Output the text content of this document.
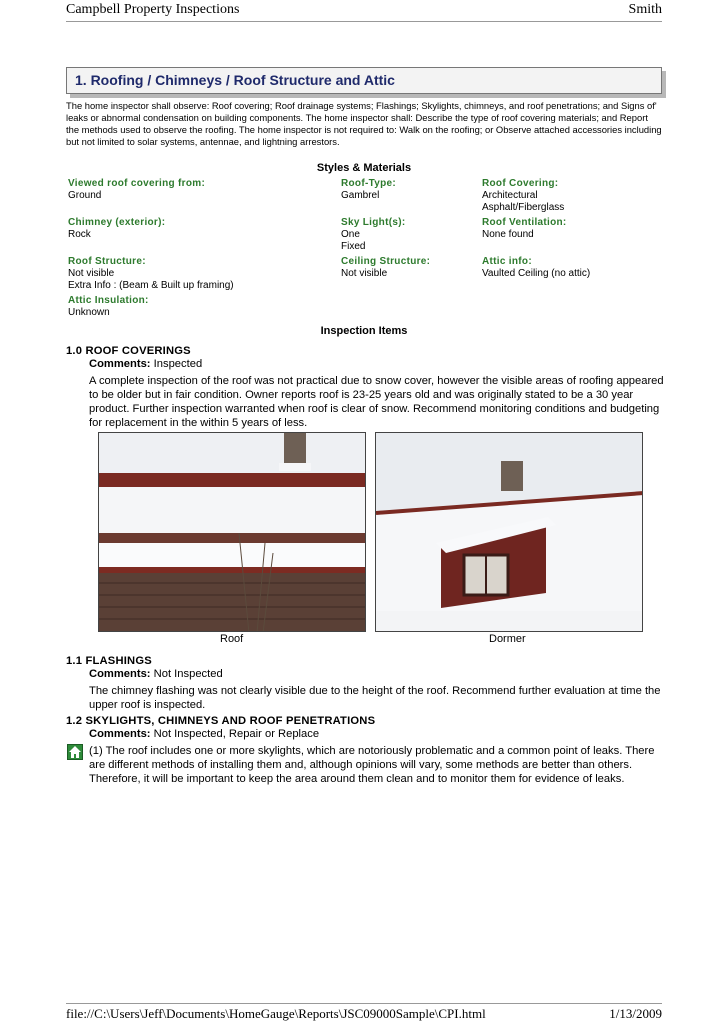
Campbell Property Inspections	Smith
1. Roofing / Chimneys / Roof Structure and Attic
The home inspector shall observe: Roof covering; Roof drainage systems; Flashings; Skylights, chimneys, and roof penetrations; and Signs of' leaks or abnormal condensation on building components. The home inspector shall: Describe the type of roof covering materials; and Report the methods used to observe the roofing. The home inspector is not required to: Walk on the roofing; or Observe attached accessories including but not limited to solar systems, antennae, and lightning arrestors.
Styles & Materials
Viewed roof covering from:
Ground
Roof-Type:
Gambrel
Roof Covering:
Architectural
Asphalt/Fiberglass
Chimney (exterior):
Rock
Sky Light(s):
One
Fixed
Roof Ventilation:
None found
Roof Structure:
Not visible
Extra Info : (Beam & Built up framing)
Ceiling Structure:
Not visible
Attic info:
Vaulted Ceiling (no attic)
Attic Insulation:
Unknown
Inspection Items
1.0 ROOF COVERINGS
Comments: Inspected
A complete inspection of the roof was not practical due to snow cover, however the visible areas of roofing appeared to be older but in fair condition. Owner reports roof is 23-25 years old and was originally stated to be a 30 year product. Further inspection warranted when roof is clear of snow. Recommend monitoring conditions and budgeting for replacement in the within 5 years of less.
Roof	Dormer
1.1 FLASHINGS
Comments: Not Inspected
The chimney flashing was not clearly visible due to the height of the roof. Recommend further evaluation at time the upper roof is inspected.
1.2 SKYLIGHTS, CHIMNEYS AND ROOF PENETRATIONS
Comments: Not Inspected, Repair or Replace
(1) The roof includes one or more skylights, which are notoriously problematic and a common point of leaks. There are different methods of installing them and, although opinions will vary, some methods are better than others. Therefore, it will be important to keep the area around them clean and to monitor them for evidence of leaks.
file://C:\Users\Jeff\Documents\HomeGauge\Reports\JSC09000Sample\CPI.html	1/13/2009
